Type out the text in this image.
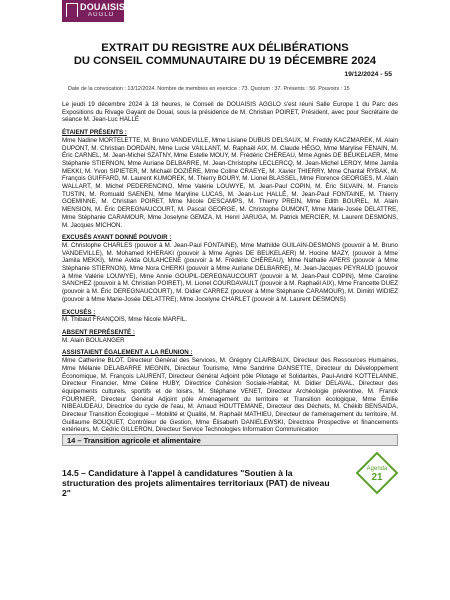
DOUAISIS
AGGLO
EXTRAIT DU REGISTRE AUX DÉLIBÉRATIONS
DU CONSEIL COMMUNAUTAIRE DU 19 DÉCEMBRE 2024
19/12/2024 - 55
Date de la convocation : 13/12/2024. Nombre de membres en exercice : 73. Quorum : 37. Présents : 56. Pouvoirs : 15

Le jeudi 19 décembre 2024 à 18 heures, le Conseil de DOUAISIS AGGLO s'est réuni Salle Europe 1 du Parc des Expositions du Rivage Gayant de Douai, sous la présidence de M. Christian POIRET, Président, avec pour Secrétaire de séance M. Jean-Luc HALLÉ

ÉTAIENT PRÉSENTS :

Mme Nadine MORTELETTE, M. Bruno VANDEVILLE, Mme Lisiane DUBUS DELSAUX, M. Freddy KACZMAREK, M. Alain DUPONT, M. Christian DORDAIN, Mme Lucie VAILLANT, M. Raphaël AIX, M. Claude HÉGO, Mme Marylise FENAIN, M. Éric CARNEL, M. Jean-Michel SZATNY, Mme Estelle MOUY, M. Frédéric CHÉREAU, Mme Agnès DE BEUKELAER, Mme Stéphanie STIERNON, Mme Auriane DELBARRE, M. Jean-Christophe LECLERCQ, M. Jean-Michel LEROY, Mme Jamila MEKKI, M. Yvon SIPIETER, M. Michaël DOZIÈRE, Mme Coline CRAEYE, M. Xavier THIERRY, Mme Chantal RYBAK, M. François GUIFFARD, M. Laurent KUMOREK, M. Thierry BOURY, M. Lionel BLASSEL, Mme Florence GEORGES, M. Alain WALLART, M. Michel PEDERENCINO, Mme Valérie LOUWYE, M. Jean-Paul COPIN, M. Éric SILVAIN, M. Francis TUSTIN, M. Romuald SAENEN, Mme Maryline LUCAS, M. Jean-Luc HALLÉ, M. Jean-Paul FONTAINE, M. Thierry GOEMINNE, M. Christian POIRET, Mme Nicole DESCAMPS, M. Thierry PREIN, Mme Edith BOUREL, M. Alain MENSION, M. Éric DEREGNAUCOURT, M. Pascal GEORGE, M. Christophe DUMONT, Mme Marie-Josée DELATTRE, Mme Stéphanie CARAMOUR, Mme Joselyne GEMZA, M. Henri JARUGA, M. Patrick MERCIER, M. Laurent DESMONS, M. Jacques MICHON.

EXCUSÉS AYANT DONNÉ POUVOIR :

M. Christophe CHARLES (pouvoir à M. Jean-Paul FONTAINE), Mme Mathilde GUILAIN-DESMONS (pouvoir à M. Bruno VANDEVILLE), M. Mohamed KHERAKI (pouvoir à Mme Agnès DE BEUKELAER) M. Hocine MAZY, (pouvoir à Mme Jamila MEKKI), Mme Avida OULAHCENE (pouvoir à M. Frédéric CHÉREAU), Mme Nathalie APERS (pouvoir à Mme Stéphanie STIERNON), Mme Nora CHERKI (pouvoir à Mme Auriane DELBARRE), M. Jean-Jacques PEYRAUD (pouvoir à Mme Valérie LOUWYE), Mme Annie GOUPIL-DEREGNAUCOURT (pouvoir à M. Jean-Paul COPIN), Mme Caroline SANCHEZ (pouvoir à M. Christian POIRET), M. Lionel COURDAVAULT (pouvoir à M. Raphaël AIX), Mme Francette DUEZ (pouvoir à M. Éric DEREGNAUCOURT), M. Didier CARREZ (pouvoir à Mme Stéphanie CARAMOUR), M. Dimitri WIDIEZ (pouvoir à Mme Marie-Josée DELATTRE), Mme Jocelyne CHARLET (pouvoir à M. Laurent DESMONS)

EXCUSÉS :

M. Thibaut FRANÇOIS, Mme Nicole MARFIL.

ABSENT REPRÉSENTÉ :

M. Alain BOULANGER

ASSISTAIENT ÉGALEMENT A LA RÉUNION :

Mme Catherine BLOT, Directeur Général des Services, M. Grégory CLAIRBAUX, Directeur des Ressources Humaines, Mme Mélanie DELABARRE MEGNIN, Directeur Tourisme, Mme Sandrine DANSETTE, Directeur du Développement Économique, M. François LAURENT, Directeur Général Adjoint pôle Pilotage et Solidarités, Paul-André KOTTELANNE, Directeur Financier, Mme Céline HUBY, Directrice Cohésion Sociale-Habitat, M. Didier DELAVAL, Directeur des équipements culturels, sportifs et de loisirs, M. Stéphane VENET, Directeur Archéologie préventive, M. Franck FOURNIER, Directeur Général Adjoint pôle Aménagement du territoire et Transition écologique, Mme Émilie NIBEAUDEAU, Directrice du cycle de l'eau, M. Arnaud HOUTTEMANE, Directeur des Déchets, M. Chékib BENSAIDA, Directeur Transition Écologique – Mobilité et Qualité, M. Raphaël MATHIEU, Directeur de l'aménagement du territoire, M. Guillaume BOUQUET, Contrôleur de Gestion, Mme Élisabeth DANIELEWSKI, Directrice Prospective et financements extérieurs, M. Cédric GILLERON, Directeur Service Technologies Information Communication

14 – Transition agricole et alimentaire
14.5 – Candidature à l'appel à candidatures "Soutien à la structuration des projets alimentaires territoriaux (PAT) de niveau 2"
Agenda
21
